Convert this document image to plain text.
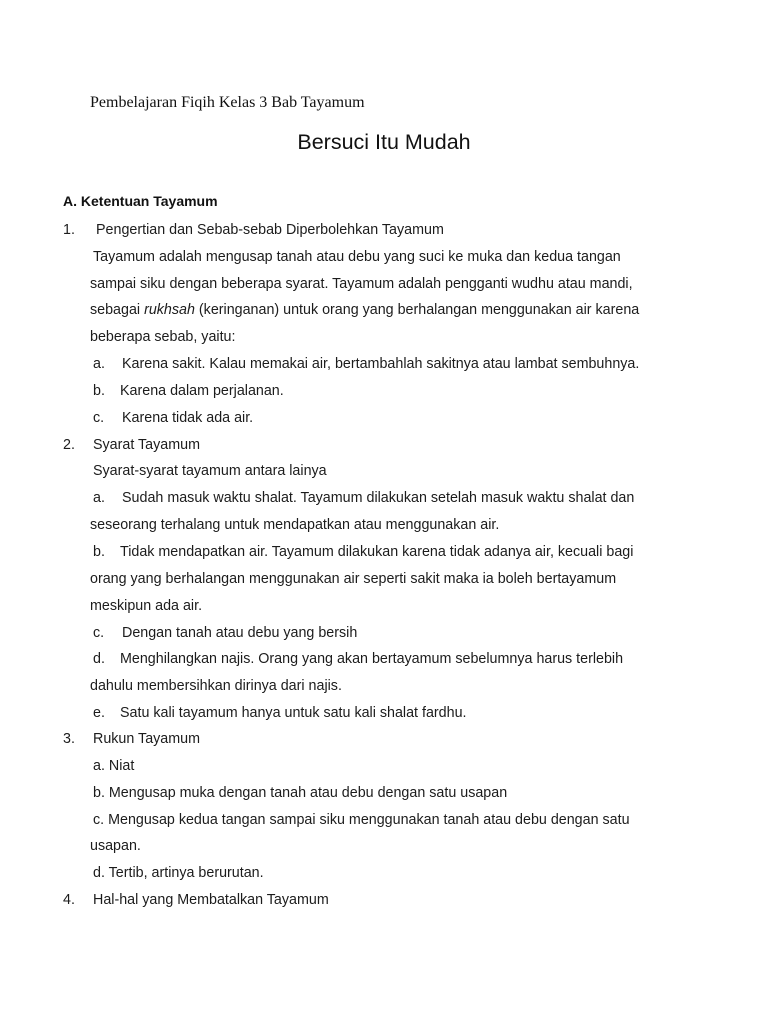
Pembelajaran Fiqih Kelas 3 Bab Tayamum
Bersuci Itu Mudah
A. Ketentuan Tayamum
1. Pengertian dan Sebab-sebab Diperbolehkan Tayamum
Tayamum adalah mengusap tanah atau debu yang suci ke muka dan kedua tangan
sampai siku dengan beberapa syarat. Tayamum adalah pengganti wudhu atau mandi,
sebagai rukhsah (keringanan) untuk orang yang berhalangan menggunakan air karena
beberapa sebab, yaitu:
a. Karena sakit. Kalau memakai air, bertambahlah sakitnya atau lambat sembuhnya.
b. Karena dalam perjalanan.
c. Karena tidak ada air.
2. Syarat Tayamum
Syarat-syarat tayamum antara lainya
a. Sudah masuk waktu shalat. Tayamum dilakukan setelah masuk waktu shalat dan
seseorang terhalang untuk mendapatkan atau menggunakan air.
b. Tidak mendapatkan air. Tayamum dilakukan karena tidak adanya air, kecuali bagi
orang yang berhalangan menggunakan air seperti sakit maka ia boleh bertayamum
meskipun ada air.
c. Dengan tanah atau debu yang bersih
d. Menghilangkan najis. Orang yang akan bertayamum sebelumnya harus terlebih
dahulu membersihkan dirinya dari najis.
e. Satu kali tayamum hanya untuk satu kali shalat fardhu.
3. Rukun Tayamum
a. Niat
b. Mengusap muka dengan tanah atau debu dengan satu usapan
c. Mengusap kedua tangan sampai siku menggunakan tanah atau debu dengan satu
usapan.
d. Tertib, artinya berurutan.
4. Hal-hal yang Membatalkan Tayamum
